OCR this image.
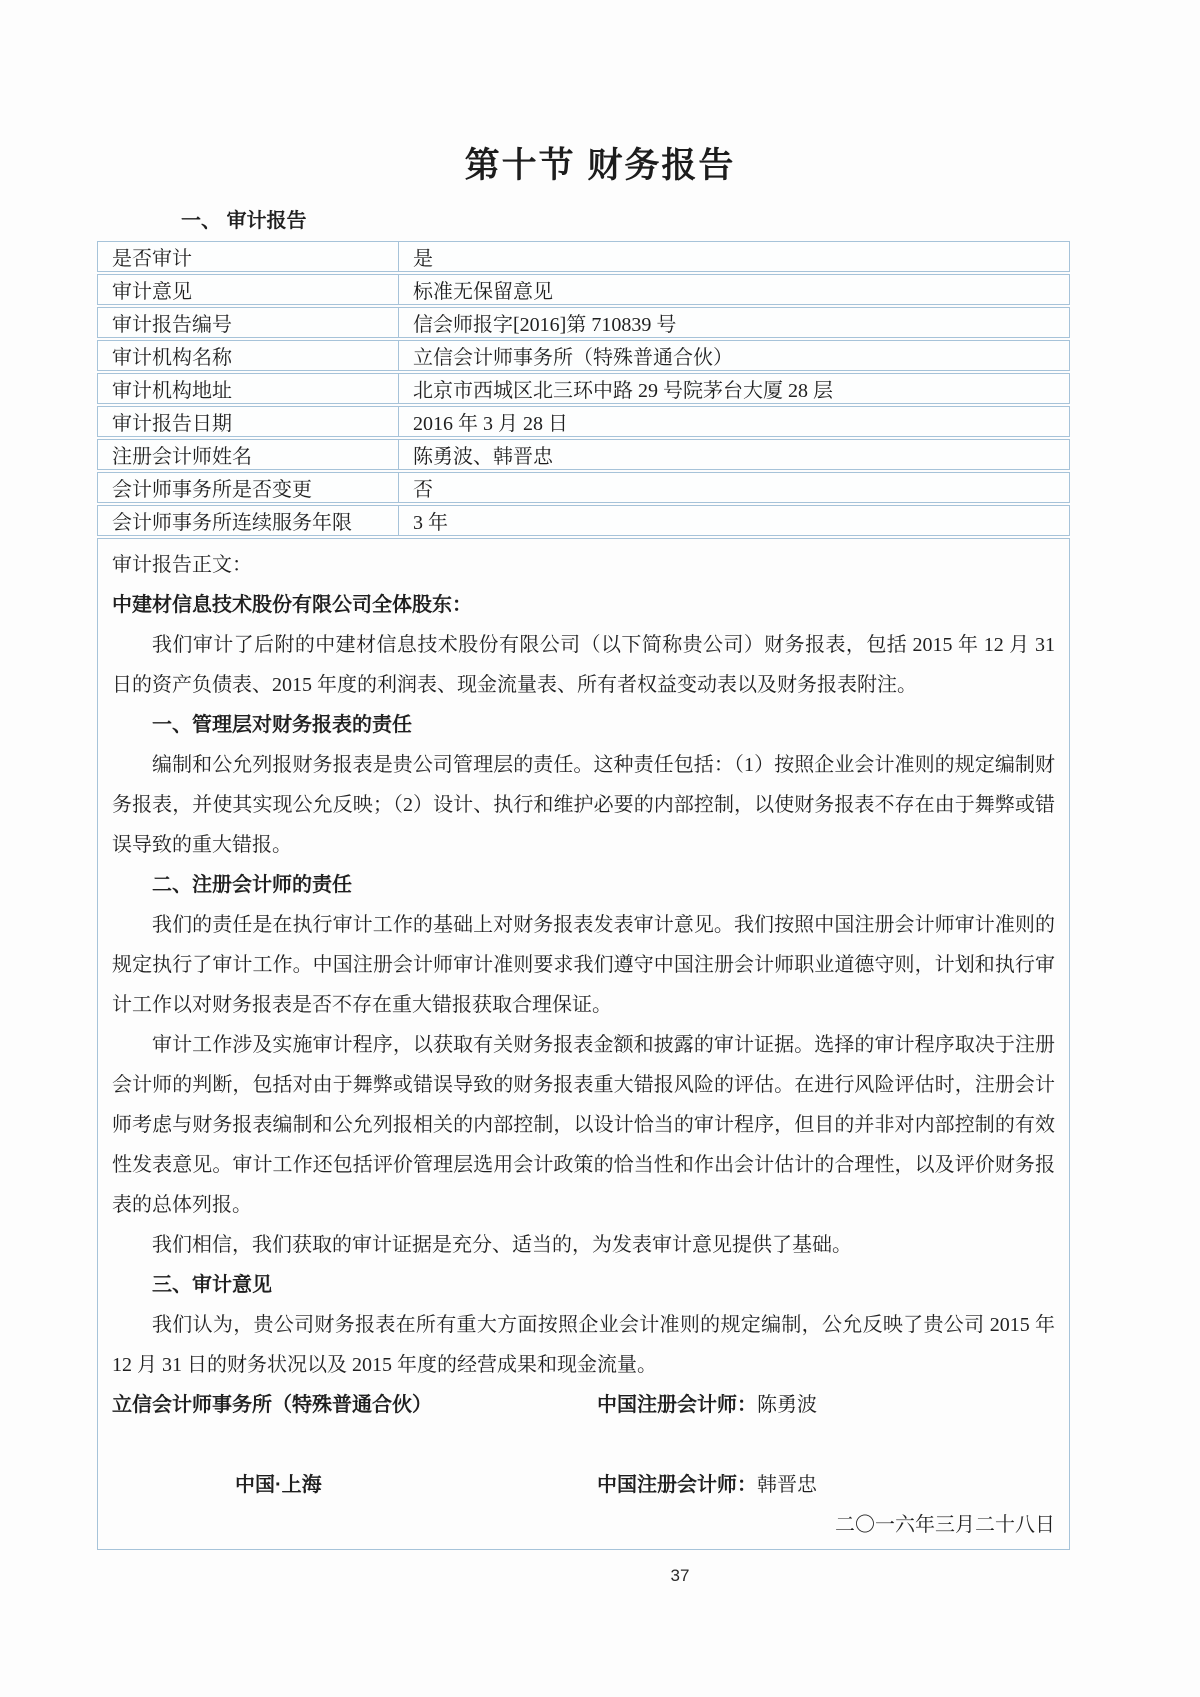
第十节 财务报告
一、 审计报告
是否审计	是
审计意见	标准无保留意见
审计报告编号	信会师报字[2016]第 710839 号
审计机构名称	立信会计师事务所（特殊普通合伙）
审计机构地址	北京市西城区北三环中路 29 号院茅台大厦 28 层
审计报告日期	2016 年 3 月 28 日
注册会计师姓名	陈勇波、韩晋忠
会计师事务所是否变更	否
会计师事务所连续服务年限	3 年

审计报告正文：

中建材信息技术股份有限公司全体股东：

我们审计了后附的中建材信息技术股份有限公司（以下简称贵公司）财务报表，包括 2015 年 12 月 31 日的资产负债表、2015 年度的利润表、现金流量表、所有者权益变动表以及财务报表附注。

一、管理层对财务报表的责任

编制和公允列报财务报表是贵公司管理层的责任。这种责任包括：（1）按照企业会计准则的规定编制财务报表，并使其实现公允反映；（2）设计、执行和维护必要的内部控制，以使财务报表不存在由于舞弊或错误导致的重大错报。

二、注册会计师的责任

我们的责任是在执行审计工作的基础上对财务报表发表审计意见。我们按照中国注册会计师审计准则的规定执行了审计工作。中国注册会计师审计准则要求我们遵守中国注册会计师职业道德守则，计划和执行审计工作以对财务报表是否不存在重大错报获取合理保证。

审计工作涉及实施审计程序，以获取有关财务报表金额和披露的审计证据。选择的审计程序取决于注册会计师的判断，包括对由于舞弊或错误导致的财务报表重大错报风险的评估。在进行风险评估时，注册会计师考虑与财务报表编制和公允列报相关的内部控制，以设计恰当的审计程序，但目的并非对内部控制的有效性发表意见。审计工作还包括评价管理层选用会计政策的恰当性和作出会计估计的合理性，以及评价财务报表的总体列报。

我们相信，我们获取的审计证据是充分、适当的，为发表审计意见提供了基础。

三、审计意见

我们认为，贵公司财务报表在所有重大方面按照企业会计准则的规定编制，公允反映了贵公司 2015 年 12 月 31 日的财务状况以及 2015 年度的经营成果和现金流量。

立信会计师事务所（特殊普通合伙）	中国注册会计师：陈勇波
中国·上海	中国注册会计师：韩晋忠
二〇一六年三月二十八日
37
